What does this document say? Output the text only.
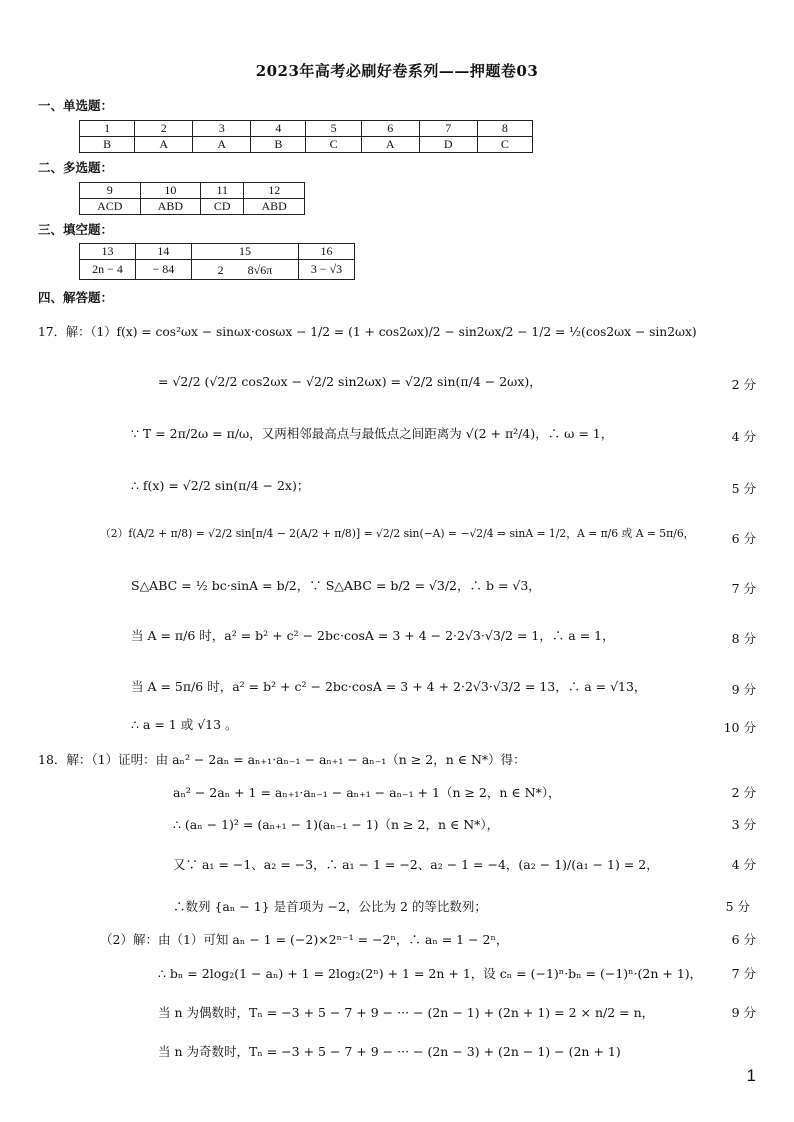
2023年高考必刷好卷系列——押题卷03
一、单选题：
1	2	3	4	5	6	7	8
B	A	A	B	C	A	D	C
二、多选题：
9	10	11	12
ACD	ABD	CD	ABD
三、填空题：
13	14	15	16
2n − 4	− 84	2　　8√6π	3 − √3
四、解答题：
17．解：（1）f(x) = cos²ωx − sinωx·cosωx − 1/2 = (1 + cos2ωx)/2 − sin2ωx/2 − 1/2 = ½(cos2ωx − sin2ωx)
= √2/2 (√2/2 cos2ωx − √2/2 sin2ωx) = √2/2 sin(π/4 − 2ωx)，	2 分
∵ T = 2π/2ω = π/ω，又两相邻最高点与最低点之间距离为 √(2 + π²/4)，∴ ω = 1，	4 分
∴ f(x) = √2/2 sin(π/4 − 2x)；	5 分
（2）f(A/2 + π/8) = √2/2 sin[π/4 − 2(A/2 + π/8)] = √2/2 sin(−A) = −√2/4 ⇒ sinA = 1/2，A = π/6 或 A = 5π/6，	6 分
S△ABC = ½ bc·sinA = b/2，∵ S△ABC = b/2 = √3/2，∴ b = √3，	7 分
当 A = π/6 时，a² = b² + c² − 2bc·cosA = 3 + 4 − 2·2√3·√3/2 = 1，∴ a = 1，	8 分
当 A = 5π/6 时，a² = b² + c² − 2bc·cosA = 3 + 4 + 2·2√3·√3/2 = 13，∴ a = √13，	9 分
∴ a = 1 或 √13 。	10 分
18．解：（1）证明：由 aₙ² − 2aₙ = aₙ₊₁·aₙ₋₁ − aₙ₊₁ − aₙ₋₁（n ≥ 2，n ∈ N*）得：
aₙ² − 2aₙ + 1 = aₙ₊₁·aₙ₋₁ − aₙ₊₁ − aₙ₋₁ + 1（n ≥ 2，n ∈ N*），	2 分
∴ (aₙ − 1)² = (aₙ₊₁ − 1)(aₙ₋₁ − 1)（n ≥ 2，n ∈ N*），	3 分
又∵ a₁ = −1、a₂ = −3，∴ a₁ − 1 = −2、a₂ − 1 = −4，(a₂ − 1)/(a₁ − 1) = 2，	4 分
∴数列 {aₙ − 1} 是首项为 −2，公比为 2 的等比数列；	5 分
（2）解：由（1）可知 aₙ − 1 = (−2)×2ⁿ⁻¹ = −2ⁿ，∴ aₙ = 1 − 2ⁿ，	6 分
∴ bₙ = 2log₂(1 − aₙ) + 1 = 2log₂(2ⁿ) + 1 = 2n + 1，设 cₙ = (−1)ⁿ·bₙ = (−1)ⁿ·(2n + 1)， 7 分
当 n 为偶数时，Tₙ = −3 + 5 − 7 + 9 − ··· − (2n − 1) + (2n + 1) = 2 × n/2 = n，	9 分
当 n 为奇数时，Tₙ = −3 + 5 − 7 + 9 − ··· − (2n − 3) + (2n − 1) − (2n + 1)
1
